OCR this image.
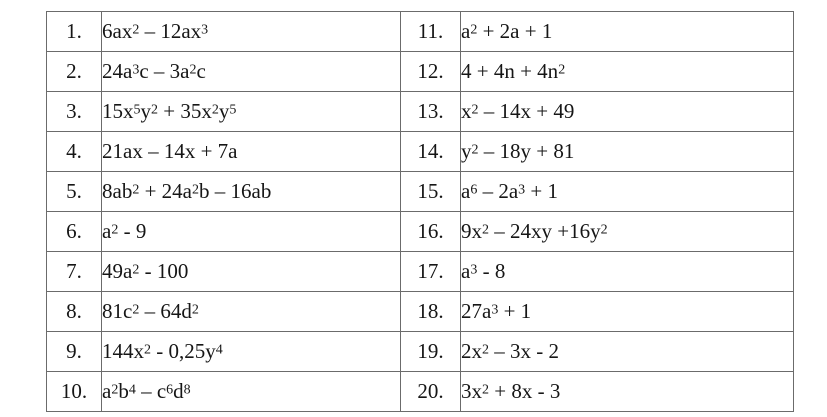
1.	$6ax^2 - 12ax^3$	11.	$a^2 + 2a + 1$
2.	$24a^3c - 3a^2c$	12.	$4 + 4n + 4n^2$
3.	$15x^5y^2 + 35x^2y^5$	13.	$x^2 - 14x + 49$
4.	21ax – 14x + 7a	14.	$y^2 - 18y + 81$
5.	$8ab^2 + 24a^2b - 16ab$	15.	$a^6 - 2a^3 + 1$
6.	$a^2 - 9$	16.	$9x^2 - 24xy +16y^2$
7.	$49a^2 - 100$	17.	$a^3 - 8$
8.	$81c^2 - 64d^2$	18.	$27a^3 + 1$
9.	$144x^2 - 0,25y^4$	19.	$2x^2 - 3x - 2$
10.	$a^2b^4 - c^6d^8$	20.	$3x^2 + 8x - 3$
